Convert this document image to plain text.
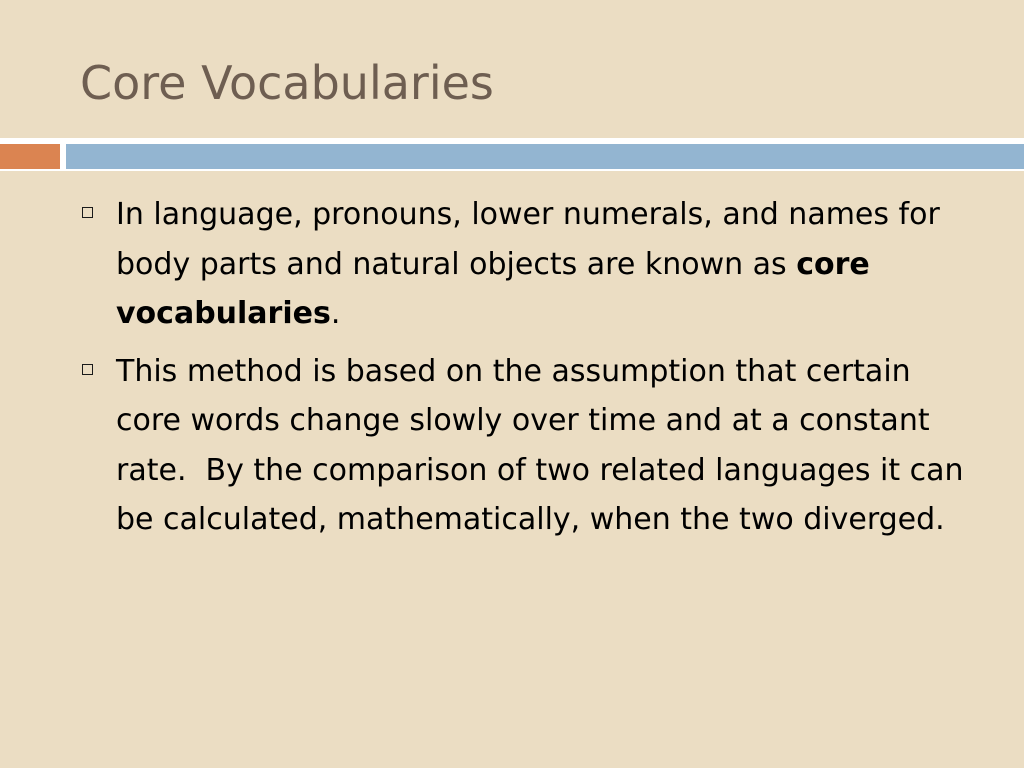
Core Vocabularies
In language, pronouns, lower numerals, and names for body parts and natural objects are known as core vocabularies.
This method is based on the assumption that certain core words change slowly over time and at a constant rate.  By the comparison of two related languages it can be calculated, mathematically, when the two diverged.
